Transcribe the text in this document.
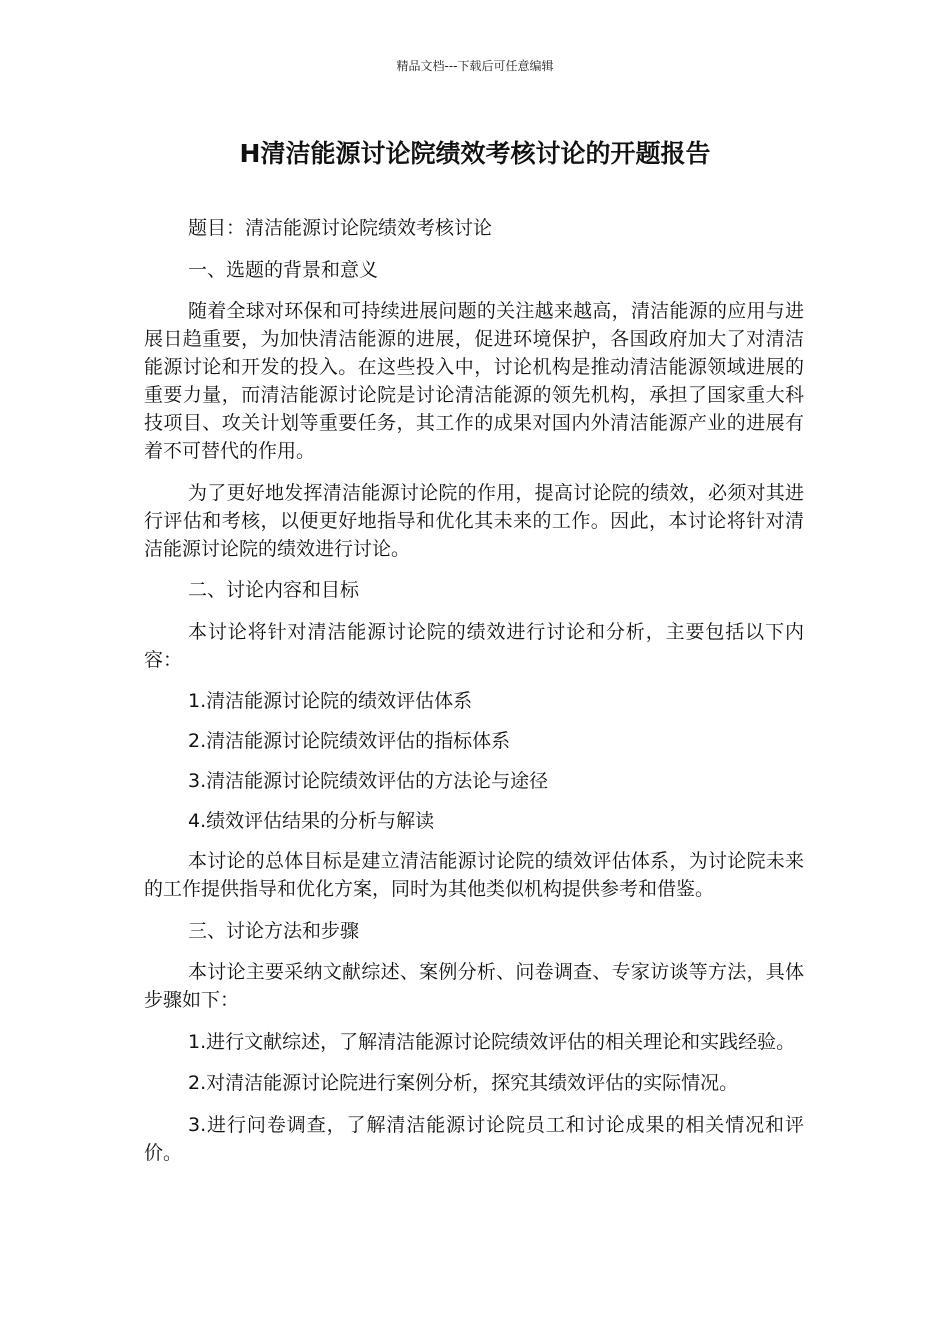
精品文档---下载后可任意编辑
H清洁能源讨论院绩效考核讨论的开题报告

题目：清洁能源讨论院绩效考核讨论

一、选题的背景和意义

随着全球对环保和可持续进展问题的关注越来越高，清洁能源的应用与进展日趋重要，为加快清洁能源的进展，促进环境保护，各国政府加大了对清洁能源讨论和开发的投入。在这些投入中，讨论机构是推动清洁能源领域进展的重要力量，而清洁能源讨论院是讨论清洁能源的领先机构，承担了国家重大科技项目、攻关计划等重要任务，其工作的成果对国内外清洁能源产业的进展有着不可替代的作用。

为了更好地发挥清洁能源讨论院的作用，提高讨论院的绩效，必须对其进行评估和考核，以便更好地指导和优化其未来的工作。因此，本讨论将针对清洁能源讨论院的绩效进行讨论。

二、讨论内容和目标

本讨论将针对清洁能源讨论院的绩效进行讨论和分析，主要包括以下内容：

1.清洁能源讨论院的绩效评估体系

2.清洁能源讨论院绩效评估的指标体系

3.清洁能源讨论院绩效评估的方法论与途径

4.绩效评估结果的分析与解读

本讨论的总体目标是建立清洁能源讨论院的绩效评估体系，为讨论院未来的工作提供指导和优化方案，同时为其他类似机构提供参考和借鉴。

三、讨论方法和步骤

本讨论主要采纳文献综述、案例分析、问卷调查、专家访谈等方法，具体步骤如下：

1.进行文献综述，了解清洁能源讨论院绩效评估的相关理论和实践经验。

2.对清洁能源讨论院进行案例分析，探究其绩效评估的实际情况。

3.进行问卷调查，了解清洁能源讨论院员工和讨论成果的相关情况和评价。
